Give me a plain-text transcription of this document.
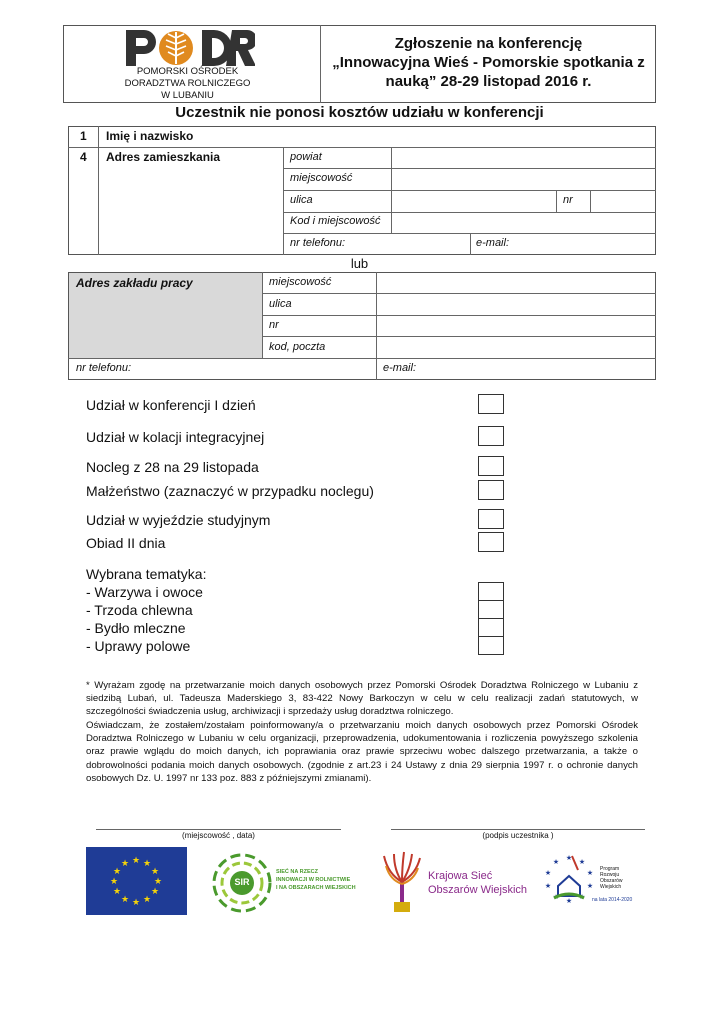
POMORSKI OŚRODEK
DORADZTWA ROLNICZEGO
W LUBANIU
Zgłoszenie na konferencję
„Innowacyjna Wieś - Pomorskie spotkania z
nauką” 28-29 listopad 2016 r.
Uczestnik nie ponosi kosztów udziału w konferencji
1 Imię i nazwisko
4 Adres zamieszkania	powiat
miejscowość
ulica	nr
Kod i miejscowość
nr telefonu:	e-mail:
lub
Adres zakładu pracy	miejscowość
ulica
nr
kod, poczta
nr telefonu:	e-mail:
Udział w konferencji I dzień
Udział w kolacji integracyjnej
Nocleg z 28 na 29 listopada
Małżeństwo (zaznaczyć w przypadku noclegu)
Udział w wyjeździe studyjnym
Obiad II dnia
Wybrana tematyka:
- Warzywa i owoce
- Trzoda chlewna
- Bydło mleczne
- Uprawy polowe
* Wyrażam zgodę na przetwarzanie moich danych osobowych przez Pomorski Ośrodek Doradztwa Rolniczego w Lubaniu z siedzibą Lubań, ul. Tadeusza Maderskiego 3, 83-422 Nowy Barkoczyn w celu w celu realizacji zadań statutowych, w szczególności świadczenia usług, archiwizacji i sprzedaży usług doradztwa rolniczego.
Oświadczam, że zostałem/zostałam poinformowany/a o przetwarzaniu moich danych osobowych przez Pomorski Ośrodek Doradztwa Rolniczego w Lubaniu w celu organizacji, przeprowadzenia, udokumentowania i rozliczenia powyższego szkolenia oraz prawie wglądu do moich danych, ich poprawiania oraz prawie sprzeciwu wobec dalszego przetwarzania, a także o dobrowolności podania moich danych osobowych. (zgodnie z art.23 i 24 Ustawy z dnia 29 sierpnia 1997 r. o ochronie danych osobowych Dz. U. 1997 nr 133 poz. 883 z późniejszymi zmianami).
(miejscowość , data)	(podpis uczestnika )
★ ★
★
★
★
★
★
★
★
★
★
★
SIR
SIEĆ NA RZECZ
INNOWACJI W ROLNICTWIE
I NA OBSZARACH WIEJSKICH
Krajowa Sieć
Obszarów Wiejskich
★ ★
★
★
★
★
★
★
★
★
Program
Rozwoju
Obszarów
Wiejskich
na lata 2014-2020
